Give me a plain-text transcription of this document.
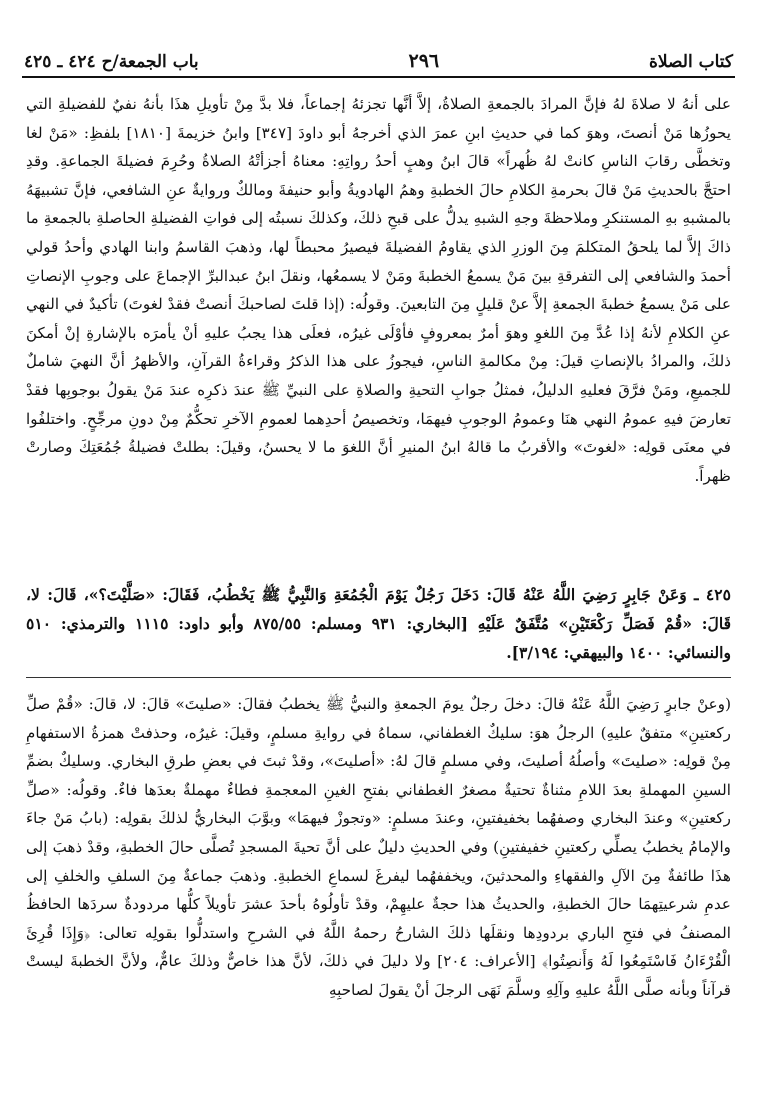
كتاب الصلاة
٢٩٦
باب الجمعة/ح ٤٢٤ ـ ٤٢٥

على أنهُ لا صلاةَ لهُ فإنَّ المرادَ بالجمعةِ الصلاةُ، إلاَّ أنَّها تجزئهُ إجماعاً، فلا بدَّ مِنْ تأويلِ هذَا بأنهُ نفيٌ للفضيلةِ التي يحوزُها مَنْ أنصتَ، وهوَ كما في حديثِ ابنِ عمرَ الذي أخرجهُ أبو داودَ [٣٤٧] وابنُ خزيمةَ [١٨١٠] بلفظِ: «مَنْ لغا وتخطَّى رقابَ الناسِ كانتْ لهُ ظُهراً» قالَ ابنُ وهبٍ أحدُ رواتِهِ: معناهُ أجزأتْهُ الصلاةُ وحُرِمَ فضيلةَ الجماعةِ. وقدِ احتجَّ بالحديثِ مَنْ قالَ بحرمةِ الكلامِ حالَ الخطبةِ وهمُ الهادويةُ وأبو حنيفةَ ومالكٌ وروايةٌ عنِ الشافعي، فإنَّ تشبيهَهُ بالمشبهِ بهِ المستنكرِ وملاحظةَ وجهِ الشبهِ يدلُّ على قبحِ ذلكَ، وكذلكَ نسبتُه إلى فواتِ الفضيلةِ الحاصلةِ بالجمعةِ ما ذاكَ إلاَّ لما يلحقُ المتكلمَ مِنَ الوزرِ الذي يقاومُ الفضيلةَ فيصيرُ محبطاً لها، وذهبَ القاسمُ وابنا الهادي وأحدُ قولي أحمدَ والشافعي إلى التفرقةِ بينَ مَنْ يسمعُ الخطبةَ ومَنْ لا يسمعُها، ونقلَ ابنُ عبدالبرِّ الإجماعَ على وجوبِ الإنصاتِ على مَنْ يسمعُ خطبةَ الجمعةِ إلاَّ عنْ قليلٍ مِنَ التابعينَ. وقولُه: (إذا قلتَ لصاحبكَ أنصتْ فقدْ لغوتَ) تأكيدٌ في النهي عنِ الكلامِ لأنهُ إذا عُدَّ مِنَ اللغوِ وهوَ أمرٌ بمعروفٍ فأوْلَى غيرُه، فعلَى هذا يجبُ عليهِ أنْ يأمرَه بالإشارةِ إنْ أمكنَ ذلكَ، والمرادُ بالإنصاتِ قيلَ: مِنْ مكالمةِ الناسِ، فيجوزُ على هذا الذكرُ وقراءةُ القرآنِ، والأظهرُ أنَّ النهيَ شاملٌ للجميعِ، ومَنْ فرَّقَ فعليهِ الدليلُ، فمثلُ جوابِ التحيةِ والصلاةِ على النبيِّ ﷺ عندَ ذكرِه عندَ مَنْ يقولُ بوجوبِها فقدْ تعارضَ فيهِ عمومُ النهي هنَا وعمومُ الوجوبِ فيهمَا، وتخصيصُ أحدِهما لعمومِ الآخرِ تحكُّمٌ مِنْ دونِ مرجِّحٍ. واختلفُوا في معنَى قولِه: «لغوتَ» والأقربُ ما قالهُ ابنُ المنيرِ أنَّ اللغوَ ما لا يحسنُ، وقيلَ: بطلتْ فضيلةُ جُمُعَتِكَ وصارتْ ظهراً.

٤٢٥ ـ وَعَنْ جَابِرٍ رَضِيَ اللَّهُ عَنْهُ قَالَ: دَخَلَ رَجُلٌ يَوْمَ الْجُمُعَةِ وَالنَّبِيُّ ﷺ يَخْطُبُ، فَقَالَ: «صَلَّيْتَ؟»، قَالَ: لا، قَالَ: «قُمْ فَصَلِّ رَكْعَتَيْنِ» مُتَّفَقٌ عَلَيْهِ [البخاري: ٩٣١ ومسلم: ٨٧٥/٥٥ وأبو داود: ١١١٥ والترمذي: ٥١٠ والنسائي: ١٤٠٠ والبيهقي: ٣/١٩٤].

(وعنْ جابرٍ رَضِيَ اللَّهُ عَنْهُ قالَ: دخلَ رجلٌ يومَ الجمعةِ والنبيُّ ﷺ يخطبُ فقالَ: «صليتَ» قالَ: لا، قالَ: «قُمْ صلِّ ركعتينِ» متفقٌ عليهِ) الرجلُ هوَ: سليكٌ الغطفاني، سماهُ في روايةِ مسلمٍ، وقيلَ: غيرُه، وحذفتْ همزةُ الاستفهامِ مِنْ قولِه: «صليتَ» وأصلُهُ أصليتَ، وفي مسلمٍ قالَ لهُ: «أصليتَ»، وقدْ ثبتَ في بعضِ طرقِ البخاري. وسليكٌ بضمِّ السينِ المهملةِ بعدَ اللامِ مثناةٌ تحتيةٌ مصغرٌ الغطفاني بفتحِ الغينِ المعجمةِ فطاءٌ مهملةٌ بعدَها فاءٌ. وقولُه: «صلِّ ركعتينِ» وعندَ البخاري وصفهُما بخفيفتينِ، وعندَ مسلمٍ: «وتجوزْ فيهمَا» وبوَّبَ البخاريُّ لذلكَ بقولِه: (بابُ مَنْ جاءَ والإمامُ يخطبُ يصلِّي ركعتينِ خفيفتينِ) وفي الحديثِ دليلٌ على أنَّ تحيةَ المسجدِ تُصلَّى حالَ الخطبةِ، وقدْ ذهبَ إلى هذَا طائفةٌ مِنَ الآلِ والفقهاءِ والمحدثينَ، ويخففهُما ليفرغَ لسماعِ الخطبةِ. وذهبَ جماعةٌ مِنَ السلفِ والخلفِ إلى عدمِ شرعيتِهمَا حالَ الخطبةِ، والحديثُ هذا حجةٌ عليهِمْ، وقدْ تأولُوهُ بأحدَ عشرَ تأويلاً كلُّها مردودةٌ سردَها الحافظُ المصنفُ في فتحِ الباري بردودِها ونقلَها ذلكَ الشارحُ رحمهُ اللَّهُ في الشرحِ واستدلُّوا بقولِه تعالى: ﴿وَإِذَا قُرِئَ الْقُرْءَانُ فَاسْتَمِعُوا لَهُ وَأَنصِتُوا﴾ [الأعراف: ٢٠٤] ولا دليلَ في ذلكَ، لأنَّ هذا خاصٌّ وذلكَ عامٌّ، ولأنَّ الخطبةَ ليستْ قرآناً وبأنه صلَّى اللَّهُ عليهِ وآلِهِ وسلَّمَ نَهَى الرجلَ أنْ يقولَ لصاحبِهِ
